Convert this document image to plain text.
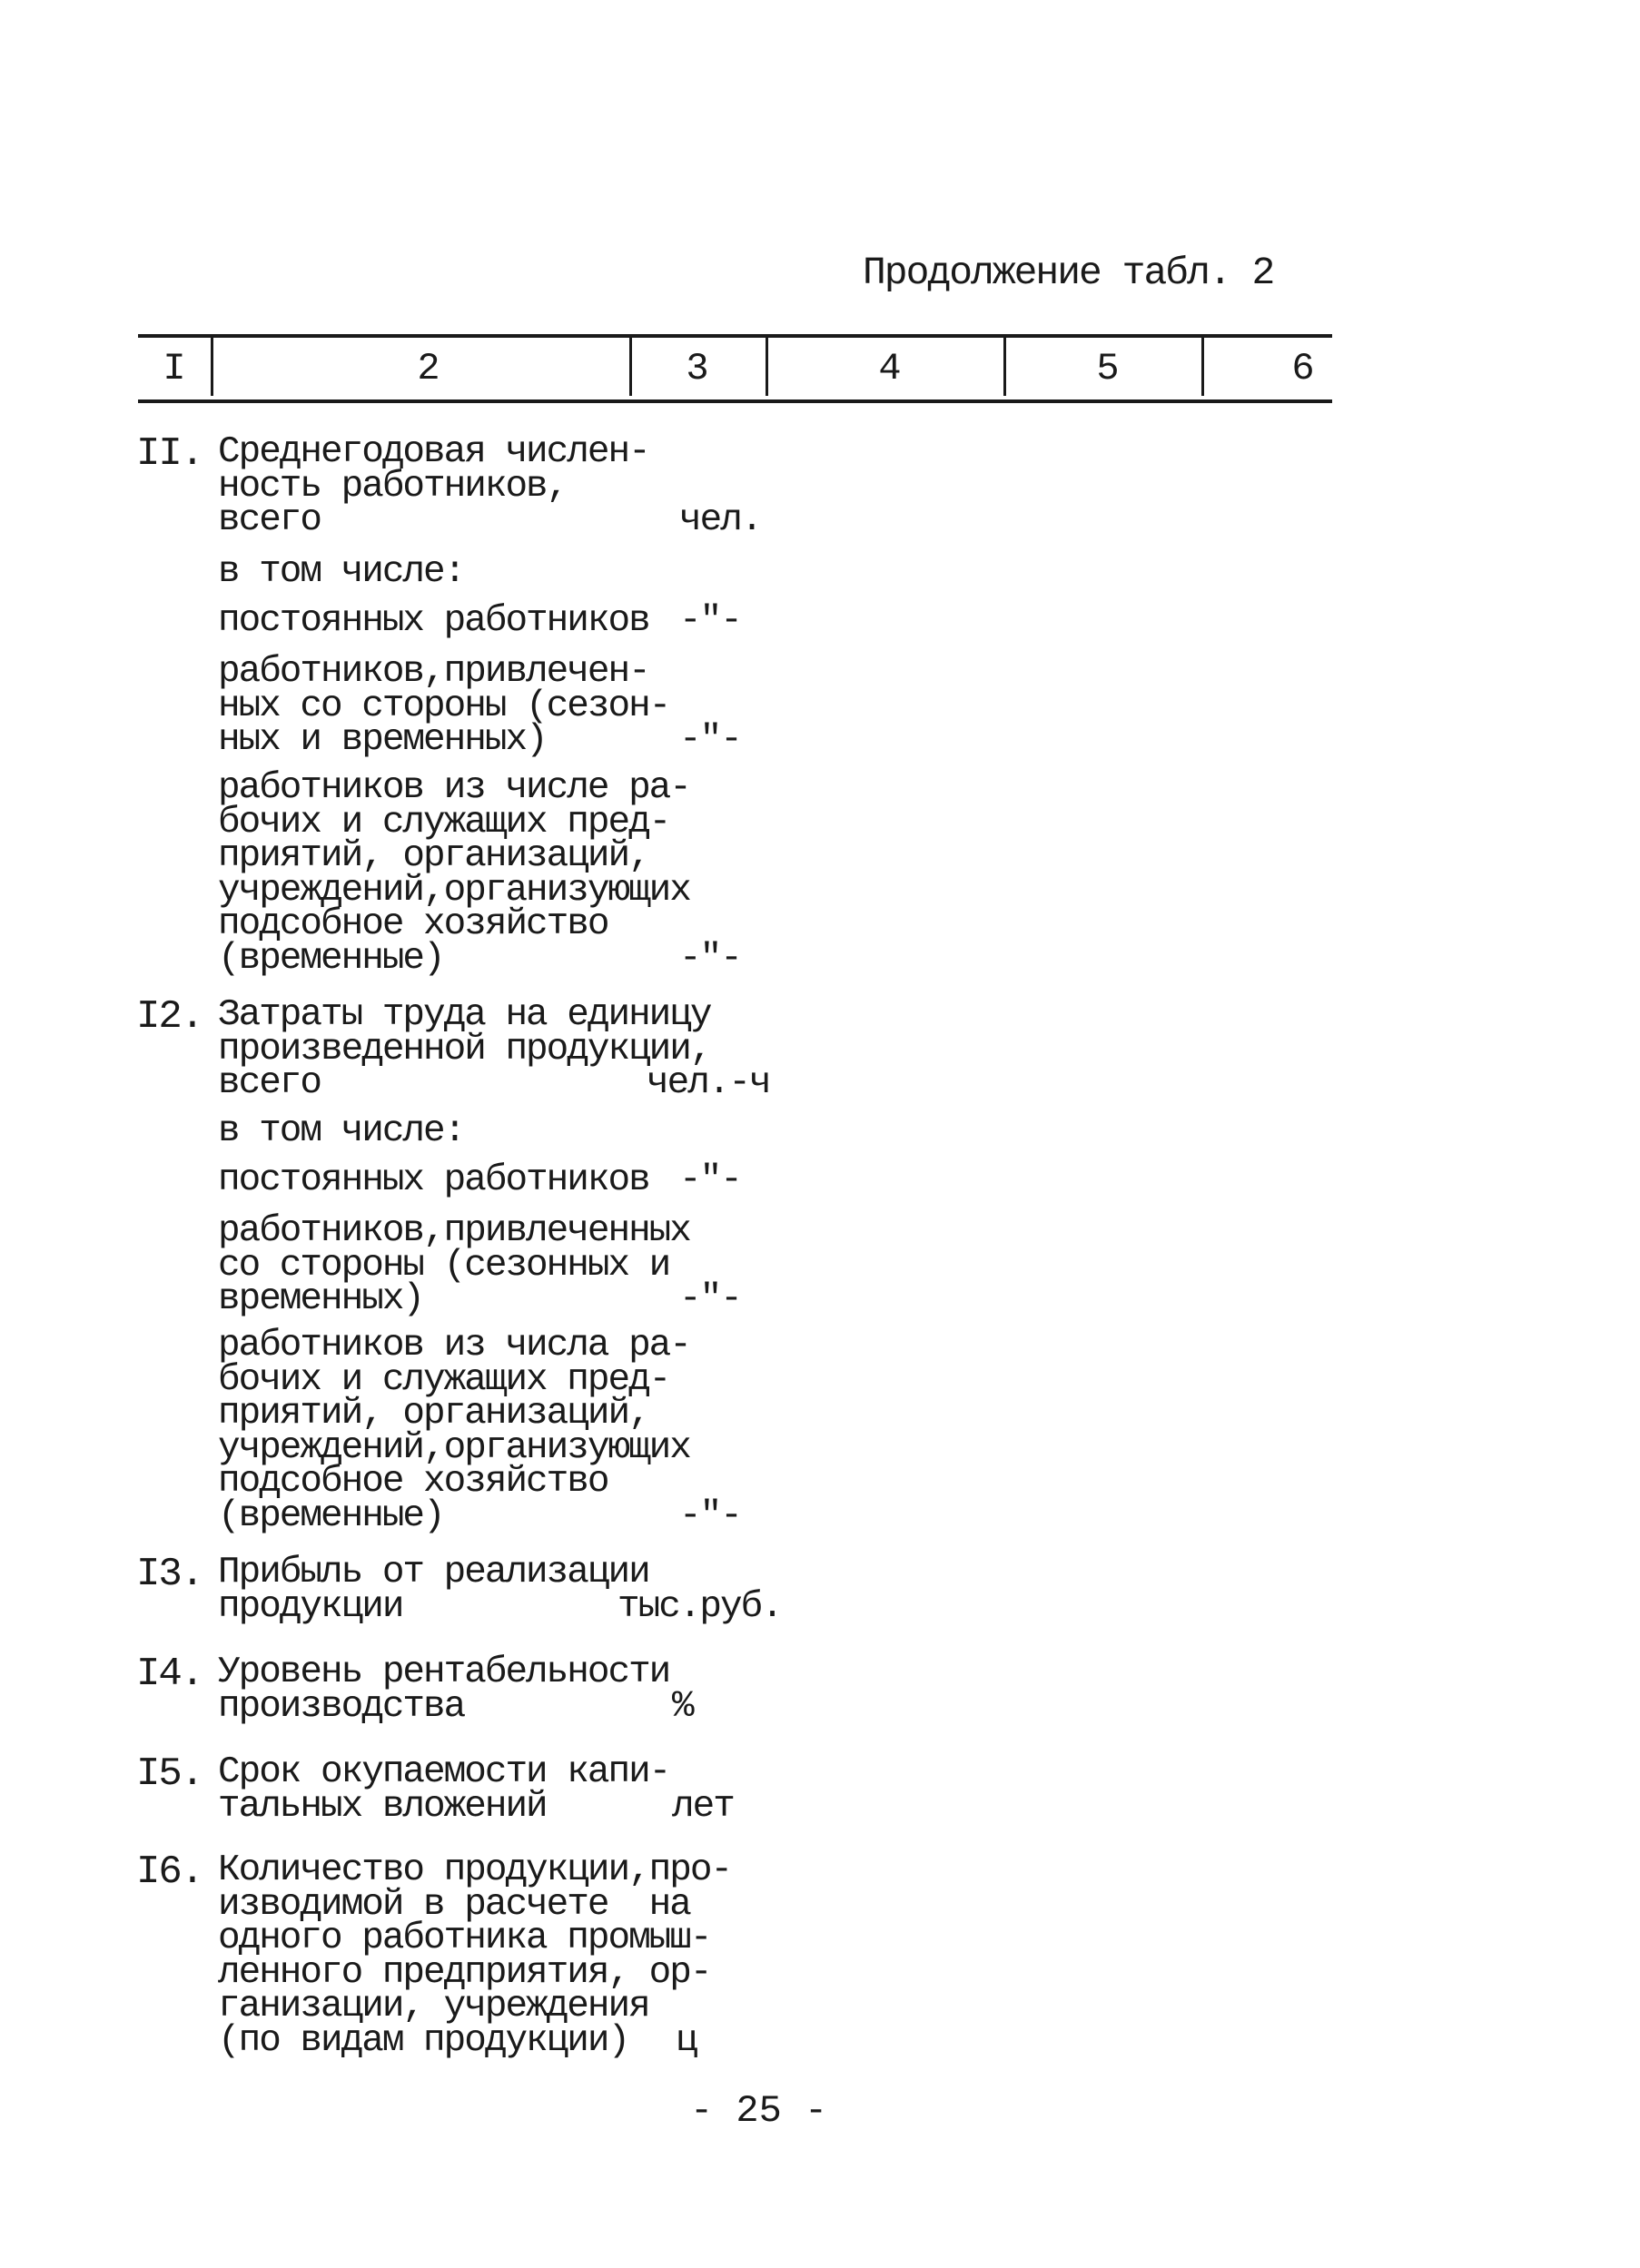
Продолжение табл. 2
I	2	3	4	5	6
II. Среднегодовая числен-
ность работников,
всего	чел.
в том числе:
постоянных работников -"-
работников,привлечен-
ных со стороны (сезон-
ных и временных)	-"-
работников из числе ра-
бочих и служащих пред-
приятий, организаций,
учреждений,организующих
подсобное хозяйство
(временные)	-"-
I2. Затраты труда на единицу
произведенной продукции,
всего	чел.-ч
в том числе:
постоянных работников -"-
работников,привлеченных
со стороны (сезонных и
временных)	-"-
работников из числа ра-
бочих и служащих пред-
приятий, организаций,
учреждений,организующих
подсобное хозяйство
(временные)	-"-
I3. Прибыль от реализации
продукции	тыс.руб.
I4. Уровень рентабельности
производства	%
I5. Срок окупаемости капи-
тальных вложений	лет
I6. Количество продукции,про-
изводимой в расчете  на
одного работника промыш-
ленного предприятия, ор-
ганизации, учреждения
(по видам продукции) ц
- 25 -
